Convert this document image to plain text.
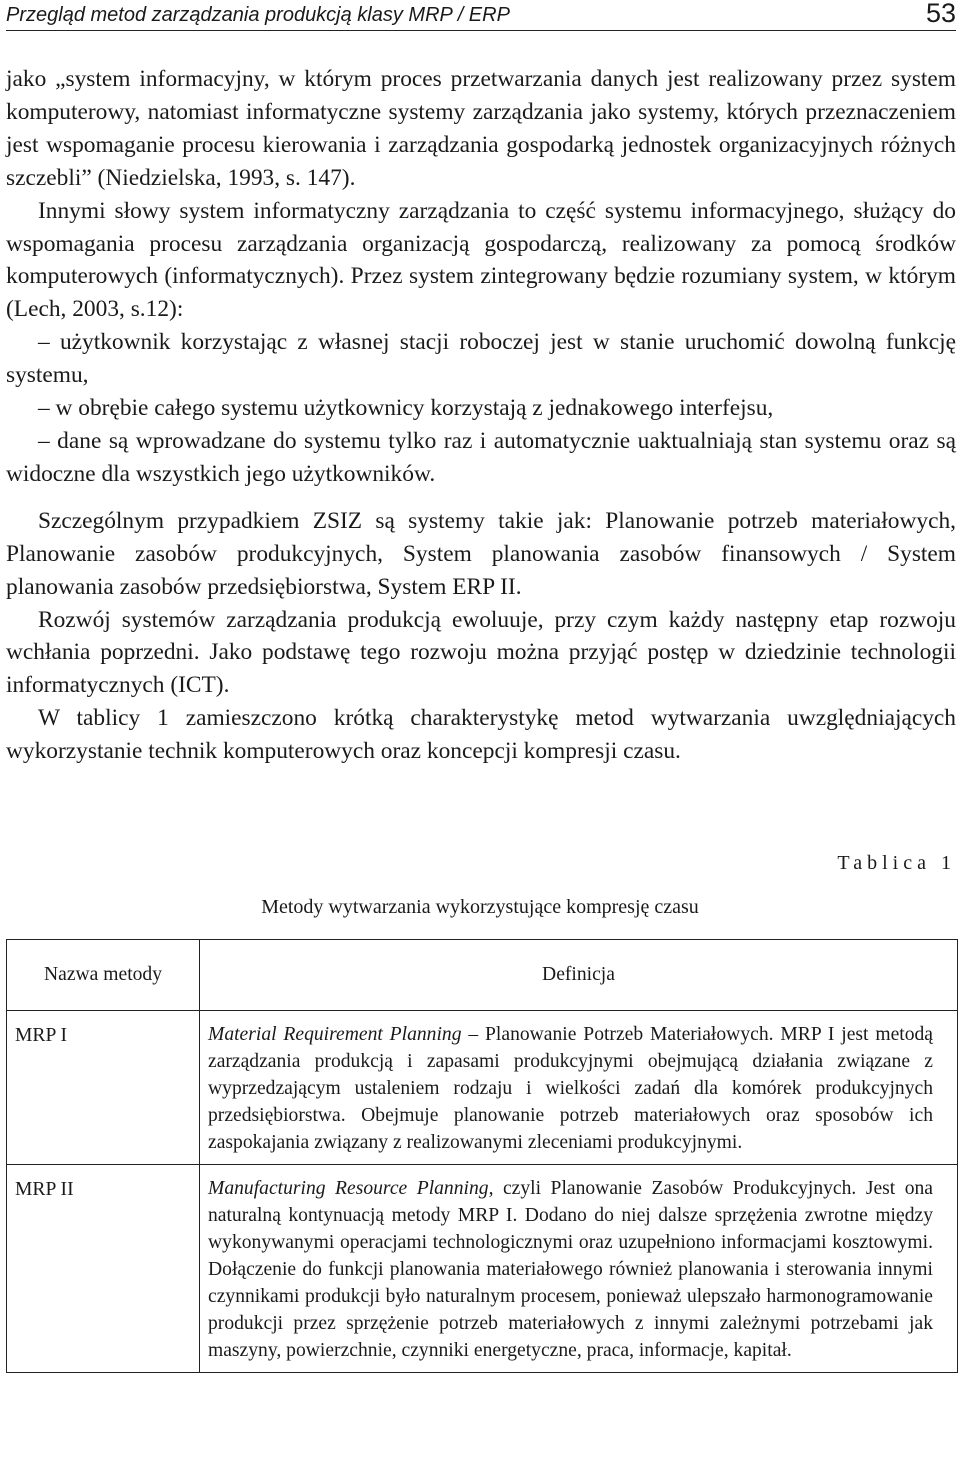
Przegląd metod zarządzania produkcją klasy MRP / ERP	53

jako „system informacyjny, w którym proces przetwarzania danych jest realizowany przez system komputerowy, natomiast informatyczne systemy zarządzania jako systemy, których przeznaczeniem jest wspomaganie procesu kierowania i zarządzania gospodarką jednostek organizacyjnych różnych szczebli” (Niedzielska, 1993, s. 147).

Innymi słowy system informatyczny zarządzania to część systemu informacyjnego, służący do wspomagania procesu zarządzania organizacją gospodarczą, realizowany za pomocą środków komputerowych (informatycznych). Przez system zintegrowany będzie rozumiany system, w którym (Lech, 2003, s.12):

– użytkownik korzystając z własnej stacji roboczej jest w stanie uruchomić dowolną funkcję systemu,

– w obrębie całego systemu użytkownicy korzystają z jednakowego interfejsu,

– dane są wprowadzane do systemu tylko raz i automatycznie uaktualniają stan systemu oraz są widoczne dla wszystkich jego użytkowników.

Szczególnym przypadkiem ZSIZ są systemy takie jak: Planowanie potrzeb materiałowych, Planowanie zasobów produkcyjnych, System planowania zasobów finansowych / System planowania zasobów przedsiębiorstwa, System ERP II.

Rozwój systemów zarządzania produkcją ewoluuje, przy czym każdy następny etap rozwoju wchłania poprzedni. Jako podstawę tego rozwoju można przyjąć postęp w dziedzinie technologii informatycznych (ICT).

W tablicy 1 zamieszczono krótką charakterystykę metod wytwarzania uwzględniających wykorzystanie technik komputerowych oraz koncepcji kompresji czasu.

Tablica 1
Metody wytwarzania wykorzystujące kompresję czasu
Nazwa metody	Definicja
MRP I	Material Requirement Planning – Planowanie Potrzeb Materiałowych. MRP I jest metodą zarządzania produkcją i zapasami produkcyjnymi obejmującą działania związane z wyprzedzającym ustaleniem rodzaju i wielkości zadań dla komórek produkcyjnych przedsiębiorstwa. Obejmuje planowanie potrzeb materiałowych oraz sposobów ich zaspokajania związany z realizowanymi zleceniami produkcyjnymi.
MRP II	Manufacturing Resource Planning, czyli Planowanie Zasobów Produkcyjnych. Jest ona naturalną kontynuacją metody MRP I. Dodano do niej dalsze sprzężenia zwrotne między wykonywanymi operacjami technologicznymi oraz uzupełniono informacjami kosztowymi. Dołączenie do funkcji planowania materiałowego również planowania i sterowania innymi czynnikami produkcji było naturalnym procesem, ponieważ ulepszało harmonogramowanie produkcji przez sprzężenie potrzeb materiałowych z innymi zależnymi potrzebami jak maszyny, powierzchnie, czynniki energetyczne, praca, informacje, kapitał.
